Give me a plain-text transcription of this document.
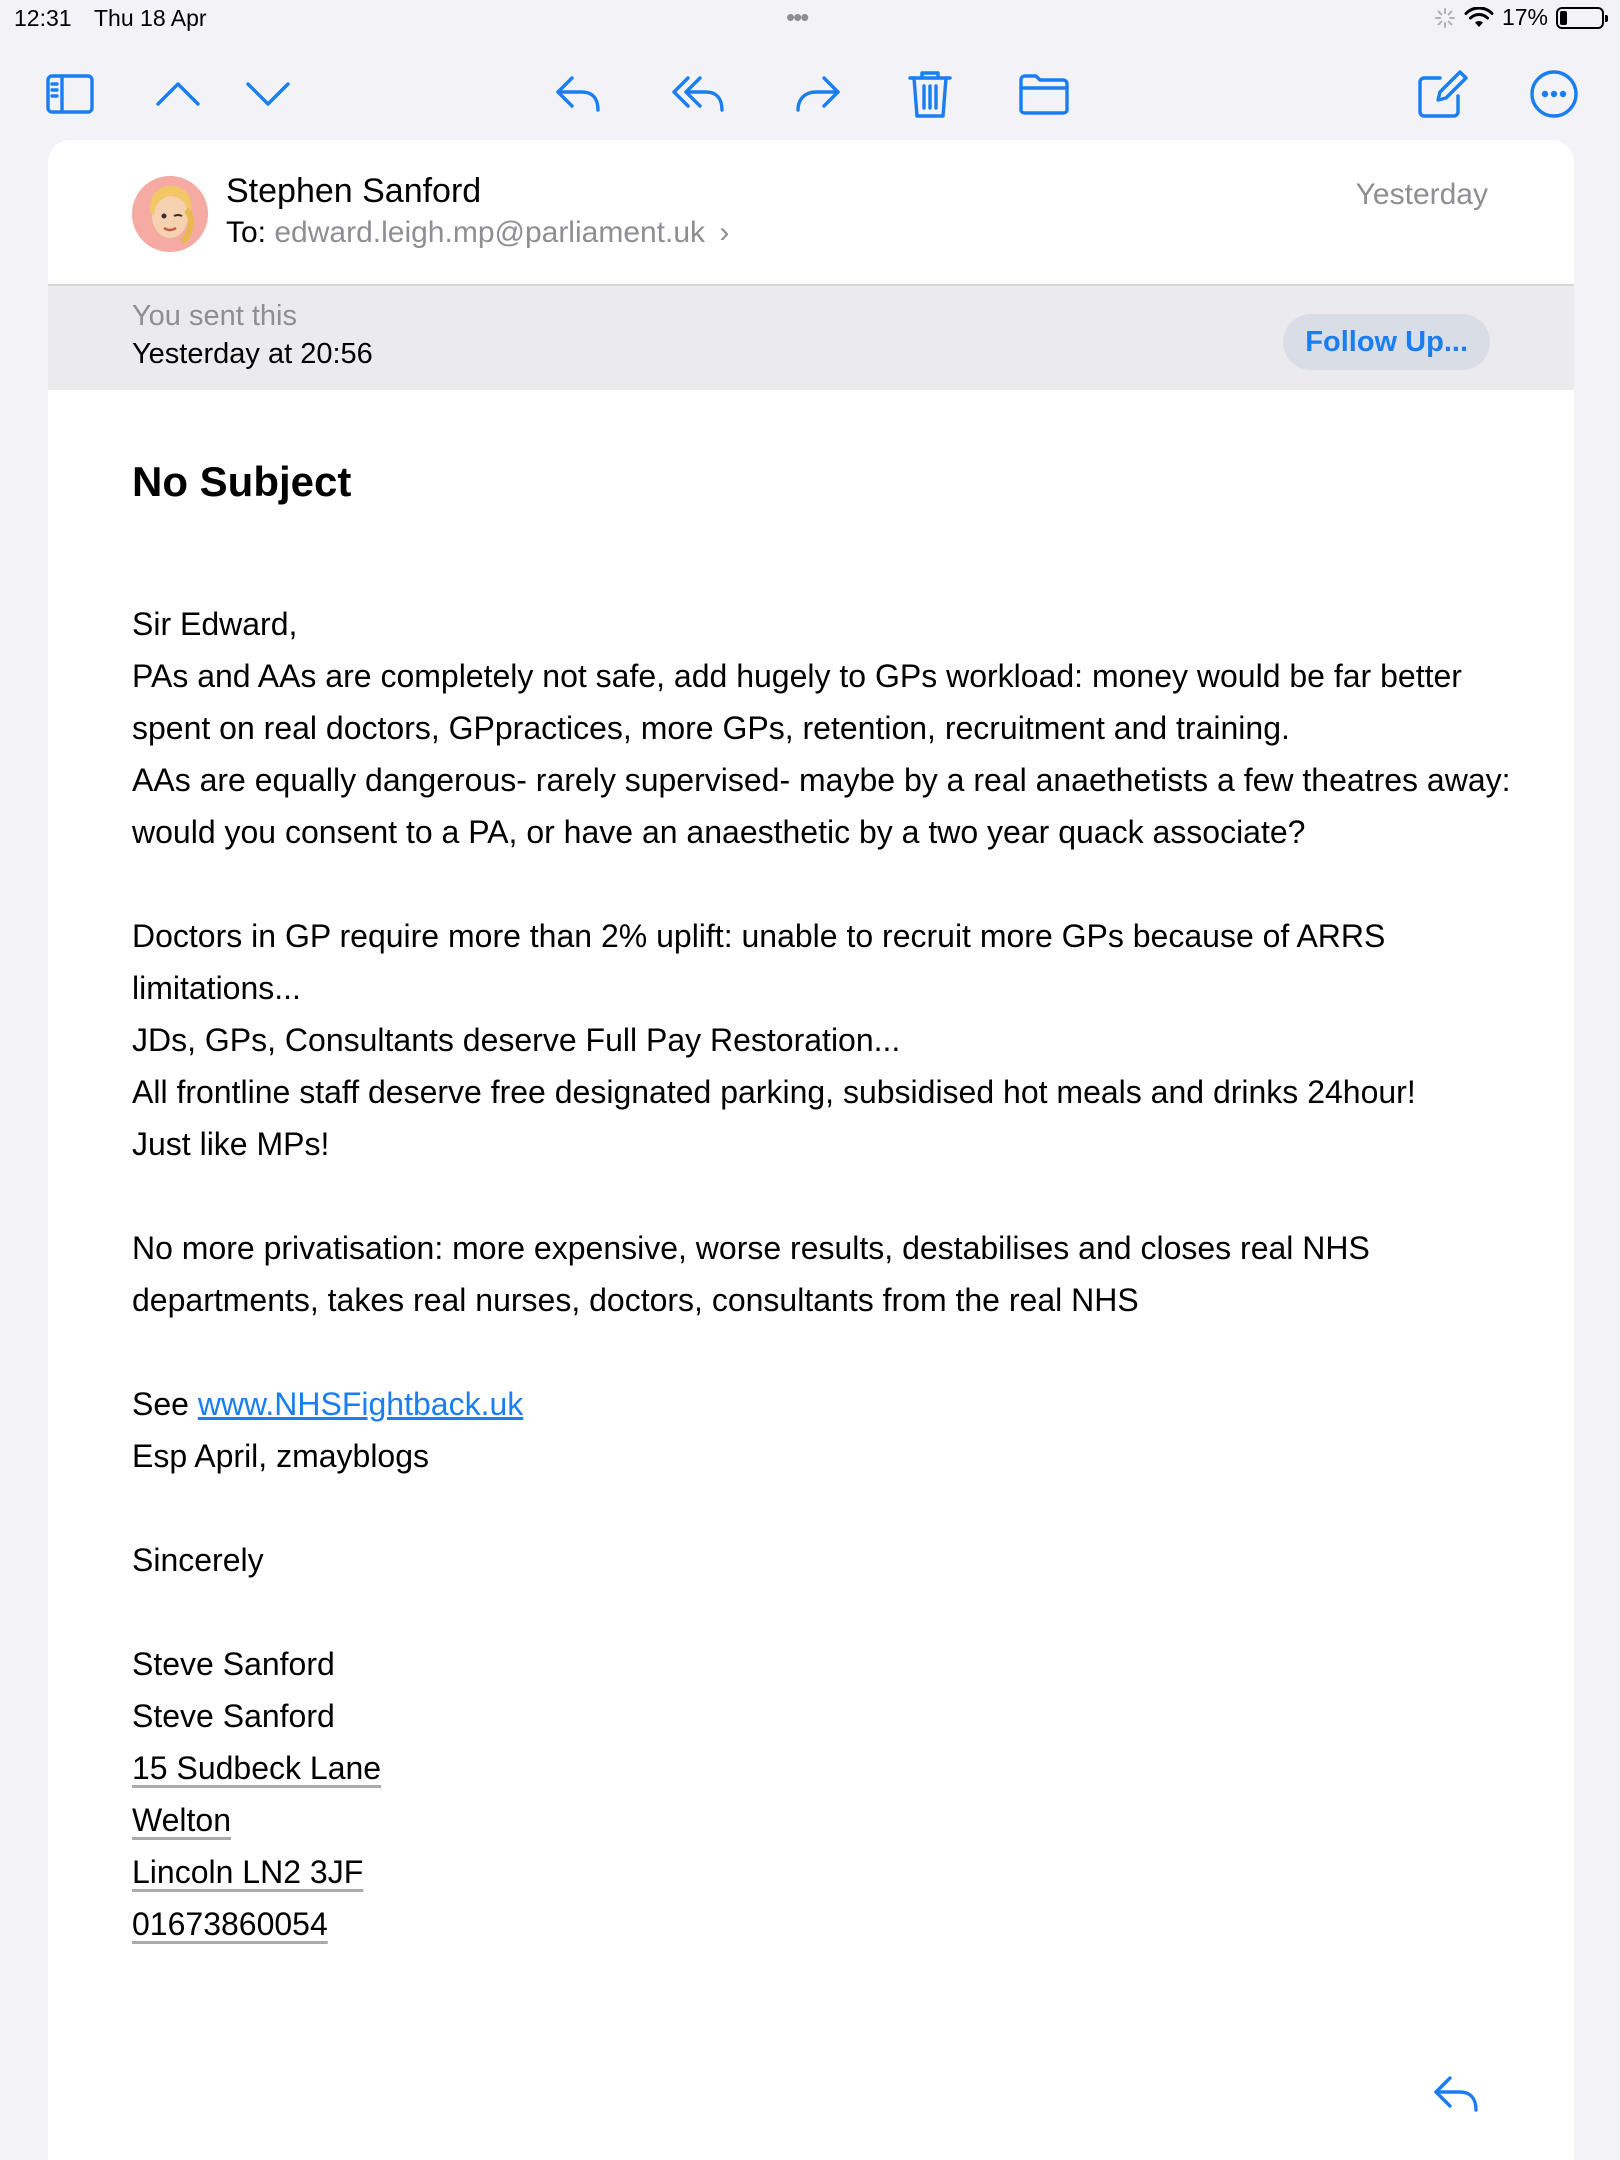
12:31 Thu 18 Apr	•••	17%
Stephen Sanford
To: edward.leigh.mp@parliament.uk ›
Yesterday
You sent this
Yesterday at 20:56	Follow Up...
No Subject

Sir Edward,

PAs and AAs are completely not safe, add hugely to GPs workload: money would be far better spent on real doctors, GPpractices, more GPs, retention, recruitment and training.

AAs are equally dangerous- rarely supervised- maybe by a real anaethetists a few theatres away: would you consent to a PA, or have an anaesthetic by a two year quack associate?

Doctors in GP require more than 2% uplift: unable to recruit more GPs because of ARRS limitations...

JDs, GPs, Consultants deserve Full Pay Restoration...

All frontline staff deserve free designated parking, subsidised hot meals and drinks 24hour!

Just like MPs!

No more privatisation: more expensive, worse results, destabilises and closes real NHS departments, takes real nurses, doctors, consultants from the real NHS

See www.NHSFightback.uk

Esp April, zmayblogs

Sincerely

Steve Sanford

Steve Sanford

15 Sudbeck Lane

Welton

Lincoln LN2 3JF

01673860054
